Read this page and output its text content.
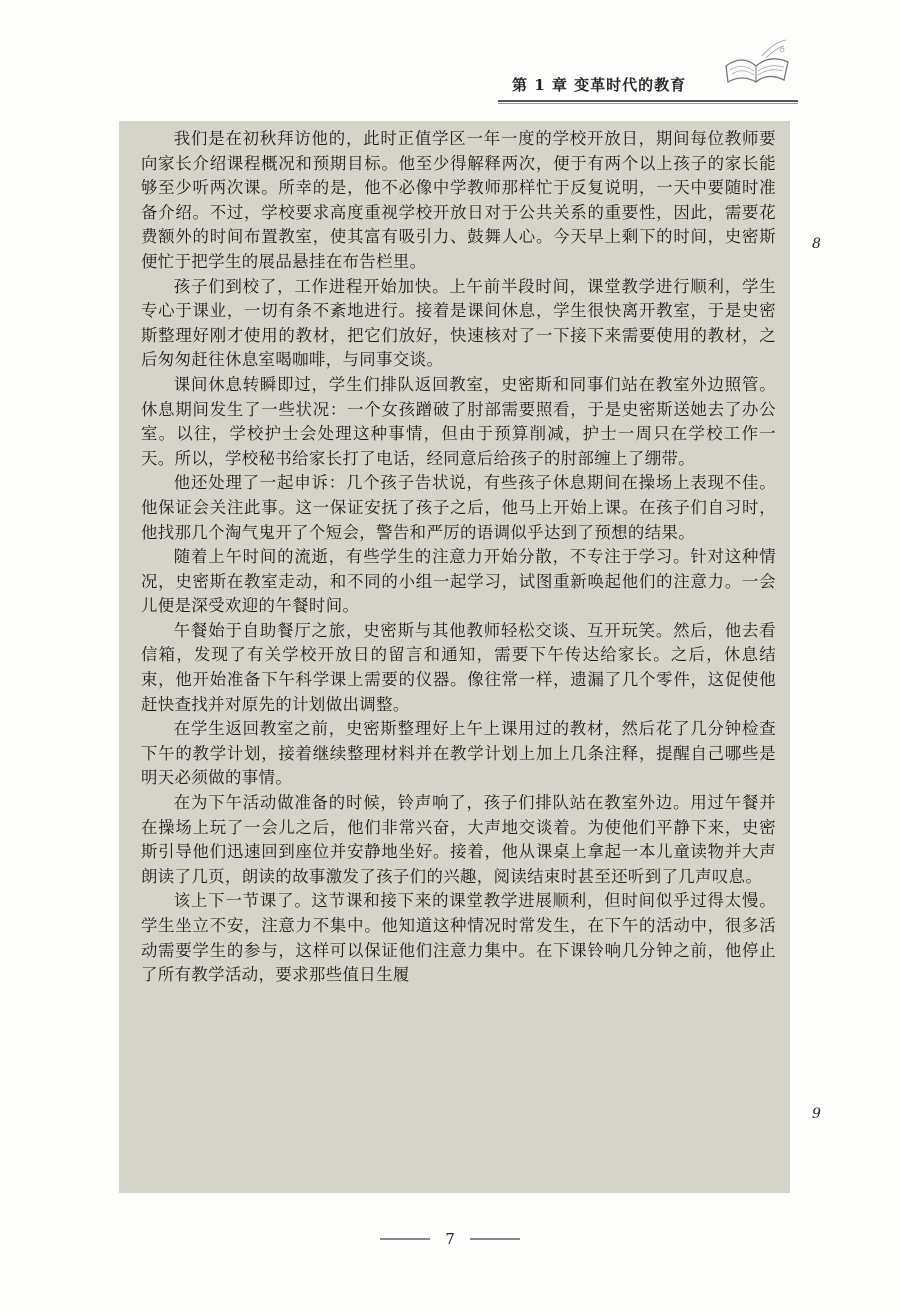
第 1 章 变革时代的教育

我们是在初秋拜访他的，此时正值学区一年一度的学校开放日，期间每位教师要向家长介绍课程概况和预期目标。他至少得解释两次，便于有两个以上孩子的家长能够至少听两次课。所幸的是，他不必像中学教师那样忙于反复说明，一天中要随时准备介绍。不过，学校要求高度重视学校开放日对于公共关系的重要性，因此，需要花费额外的时间布置教室，使其富有吸引力、鼓舞人心。今天早上剩下的时间，史密斯便忙于把学生的展品悬挂在布告栏里。

孩子们到校了，工作进程开始加快。上午前半段时间，课堂教学进行顺利，学生专心于课业，一切有条不紊地进行。接着是课间休息，学生很快离开教室，于是史密斯整理好刚才使用的教材，把它们放好，快速核对了一下接下来需要使用的教材，之后匆匆赶往休息室喝咖啡，与同事交谈。

课间休息转瞬即过，学生们排队返回教室，史密斯和同事们站在教室外边照管。休息期间发生了一些状况：一个女孩蹭破了肘部需要照看，于是史密斯送她去了办公室。以往，学校护士会处理这种事情，但由于预算削减，护士一周只在学校工作一天。所以，学校秘书给家长打了电话，经同意后给孩子的肘部缠上了绷带。

他还处理了一起申诉：几个孩子告状说，有些孩子休息期间在操场上表现不佳。他保证会关注此事。这一保证安抚了孩子之后，他马上开始上课。在孩子们自习时，他找那几个淘气鬼开了个短会，警告和严厉的语调似乎达到了预想的结果。

随着上午时间的流逝，有些学生的注意力开始分散，不专注于学习。针对这种情况，史密斯在教室走动，和不同的小组一起学习，试图重新唤起他们的注意力。一会儿便是深受欢迎的午餐时间。

午餐始于自助餐厅之旅，史密斯与其他教师轻松交谈、互开玩笑。然后，他去看信箱，发现了有关学校开放日的留言和通知，需要下午传达给家长。之后，休息结束，他开始准备下午科学课上需要的仪器。像往常一样，遗漏了几个零件，这促使他赶快查找并对原先的计划做出调整。

在学生返回教室之前，史密斯整理好上午上课用过的教材，然后花了几分钟检查下午的教学计划，接着继续整理材料并在教学计划上加上几条注释，提醒自己哪些是明天必须做的事情。

在为下午活动做准备的时候，铃声响了，孩子们排队站在教室外边。用过午餐并在操场上玩了一会儿之后，他们非常兴奋，大声地交谈着。为使他们平静下来，史密斯引导他们迅速回到座位并安静地坐好。接着，他从课桌上拿起一本儿童读物并大声朗读了几页，朗读的故事激发了孩子们的兴趣，阅读结束时甚至还听到了几声叹息。

该上下一节课了。这节课和接下来的课堂教学进展顺利，但时间似乎过得太慢。学生坐立不安，注意力不集中。他知道这种情况时常发生，在下午的活动中，很多活动需要学生的参与，这样可以保证他们注意力集中。在下课铃响几分钟之前，他停止了所有教学活动，要求那些值日生履

8
9
7
